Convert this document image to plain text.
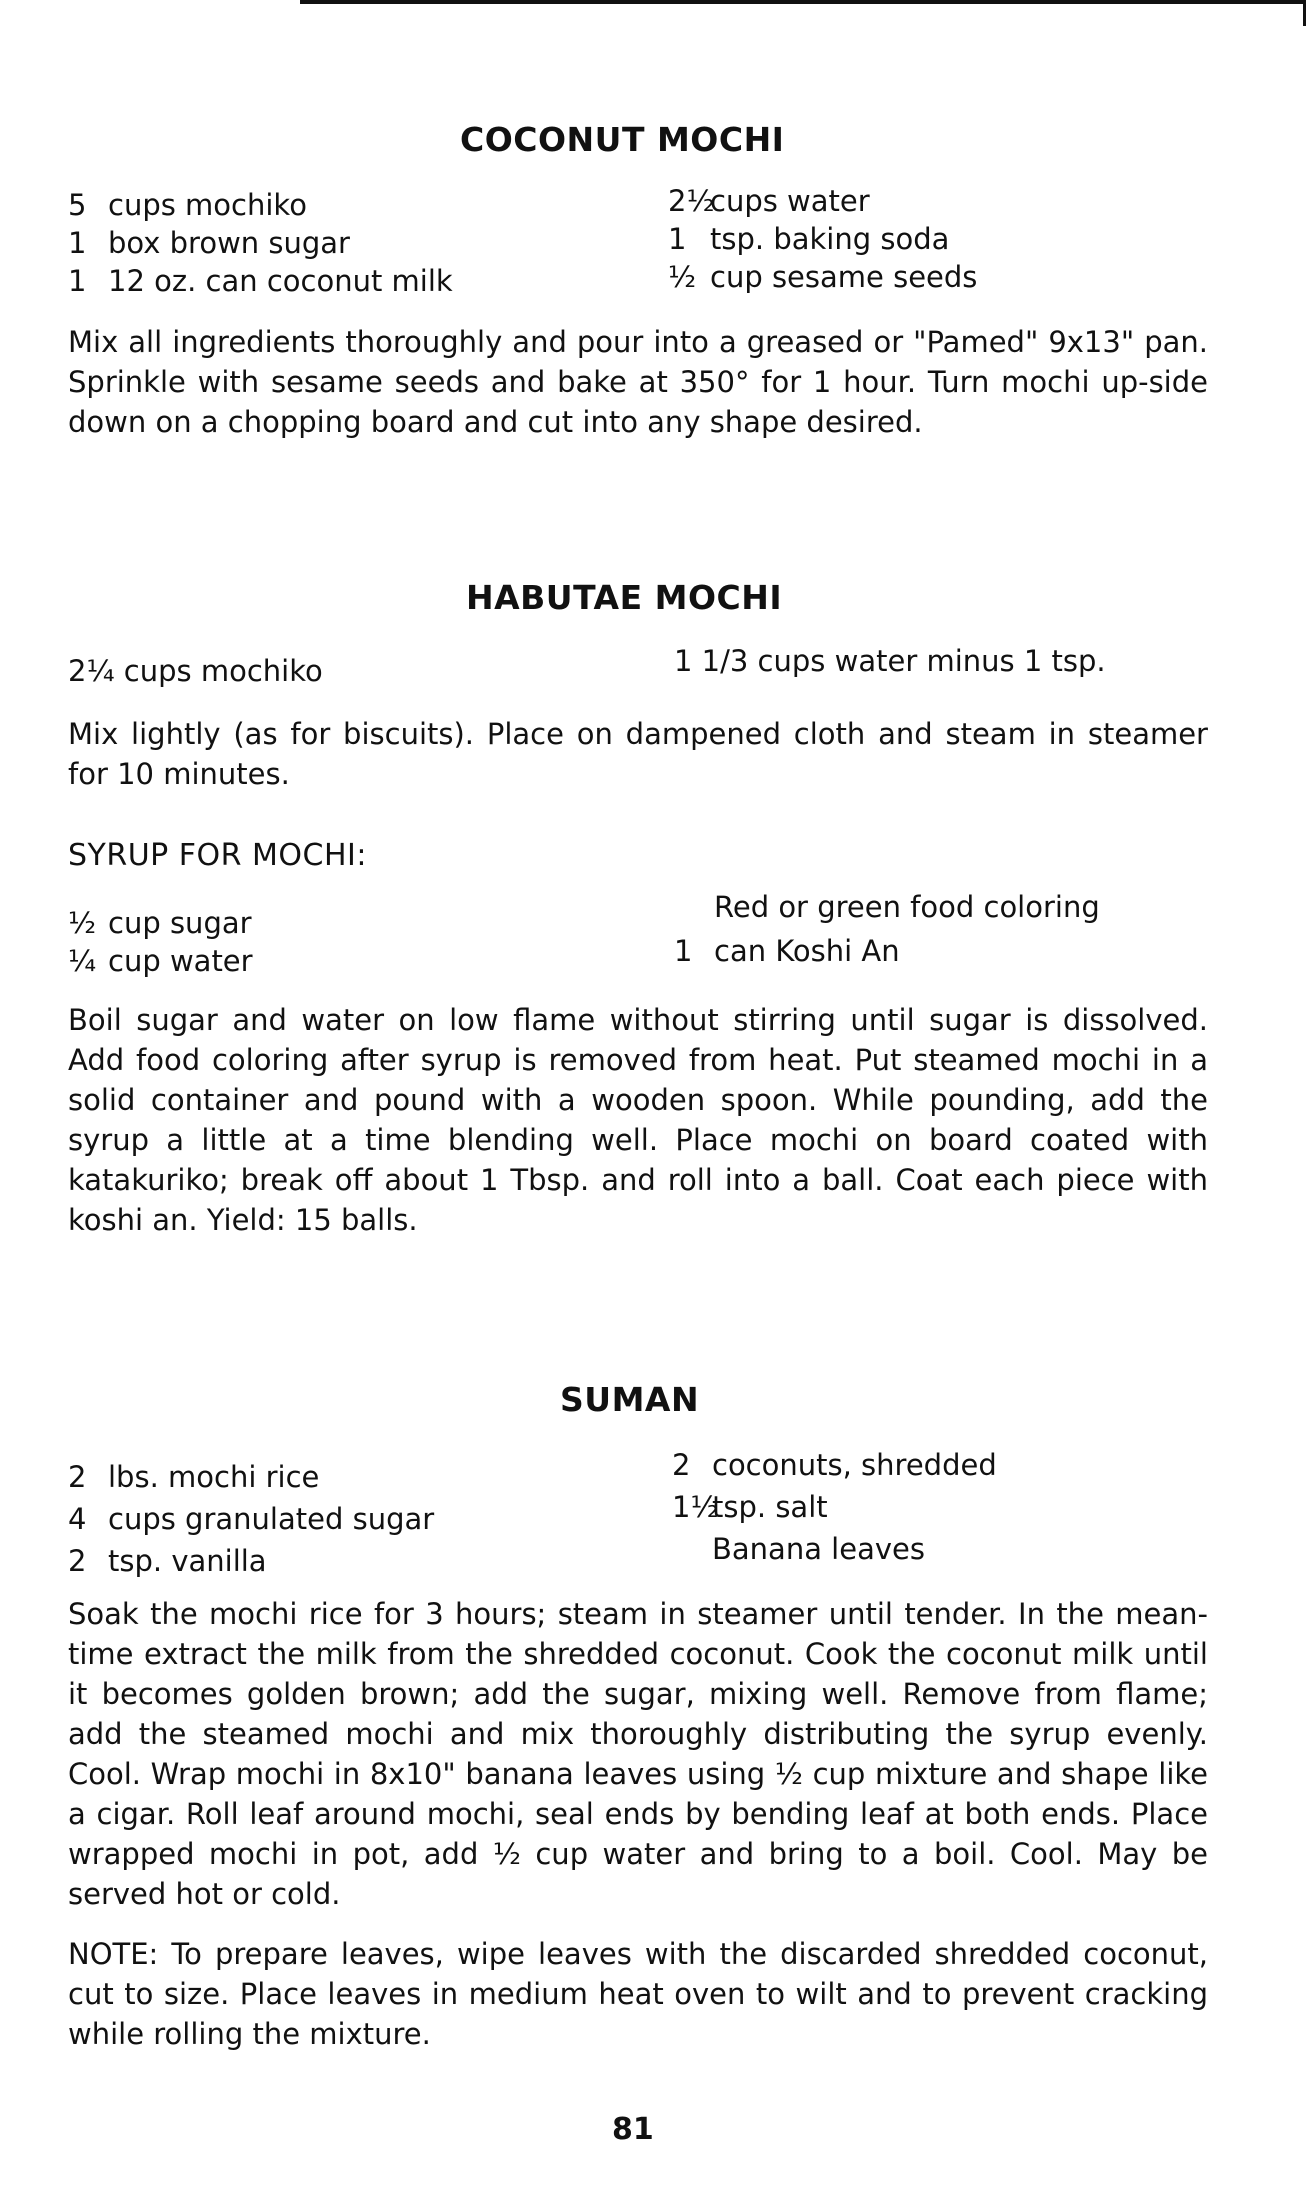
COCONUT MOCHI
5 cups mochiko
1 box brown sugar
1 12 oz. can coconut milk
2½cups water
1 tsp. baking soda
½ cup sesame seeds
Mix all ingredients thoroughly and pour into a greased or "Pamed" 9x13" pan. Sprinkle with sesame seeds and bake at 350° for 1 hour. Turn mochi up-side down on a chopping board and cut into any shape desired.
HABUTAE MOCHI
2¼ cups mochiko	1 1/3 cups water minus 1 tsp.
Mix lightly (as for biscuits). Place on dampened cloth and steam in steamer for 10 minutes.
SYRUP FOR MOCHI:
½ cup sugar
¼ cup water
Red or green food coloring
1 can Koshi An
Boil sugar and water on low flame without stirring until sugar is dissolved. Add food coloring after syrup is removed from heat. Put steamed mochi in a solid container and pound with a wooden spoon. While pounding, add the syrup a little at a time blending well. Place mochi on board coated with katakuriko; break off about 1 Tbsp. and roll into a ball. Coat each piece with koshi an. Yield: 15 balls.
SUMAN
2 lbs. mochi rice
4 cups granulated sugar
2 tsp. vanilla
2 coconuts, shredded
1½tsp. salt
Banana leaves
Soak the mochi rice for 3 hours; steam in steamer until tender. In the mean-time extract the milk from the shredded coconut. Cook the coconut milk until it becomes golden brown; add the sugar, mixing well. Remove from flame; add the steamed mochi and mix thoroughly distributing the syrup evenly. Cool. Wrap mochi in 8x10" banana leaves using ½ cup mixture and shape like a cigar. Roll leaf around mochi, seal ends by bending leaf at both ends. Place wrapped mochi in pot, add ½ cup water and bring to a boil. Cool. May be served hot or cold.
NOTE: To prepare leaves, wipe leaves with the discarded shredded coconut, cut to size. Place leaves in medium heat oven to wilt and to prevent cracking while rolling the mixture.
81
